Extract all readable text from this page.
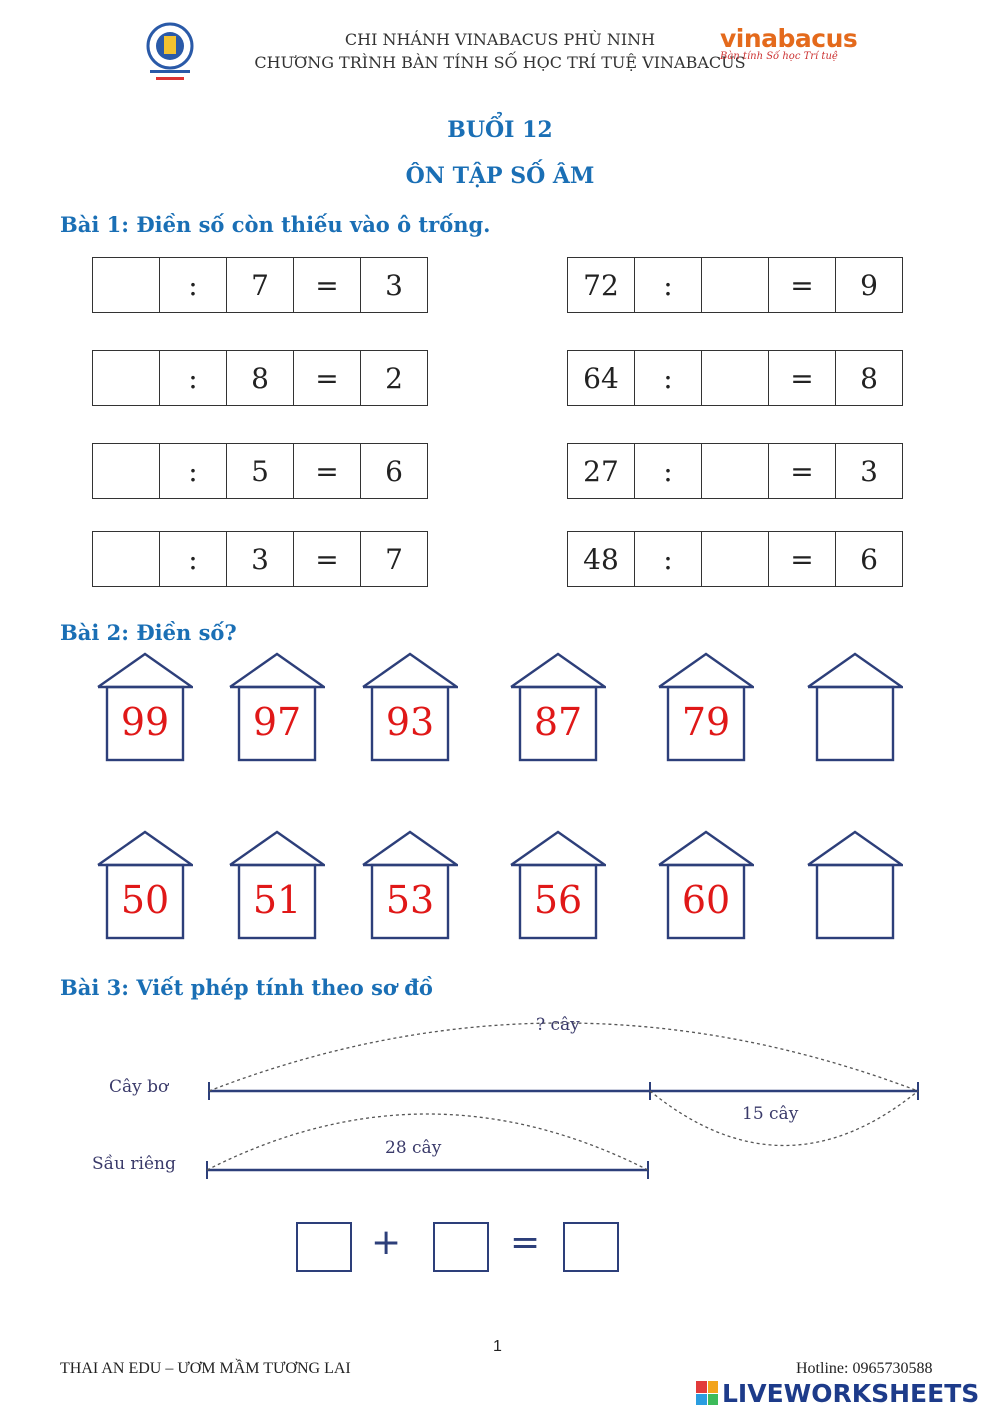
CHI NHÁNH VINABACUS PHÙ NINH
CHƯƠNG TRÌNH BÀN TÍNH SỐ HỌC TRÍ TUỆ VINABACUS
vinabacus
Bàn tính Số học Trí tuệ
BUỔI 12
ÔN TẬP SỐ ÂM
Bài 1: Điền số còn thiếu vào ô trống.
	:	7	=	3
	:	8	=	2
	:	5	=	6
	:	3	=	7
72	:		=	9
64	:		=	8
27	:		=	3
48	:		=	6
Bài 2: Điền số?
99	97	93	87	79
50	51	53	56	60
Bài 3: Viết phép tính theo sơ đồ
? cây
Cây bơ
15 cây
Sầu riêng
28 cây
+	=
1
THAI AN EDU – ƯƠM MẦM TƯƠNG LAI	Hotline: 0965730588
LIVEWORKSHEETS
